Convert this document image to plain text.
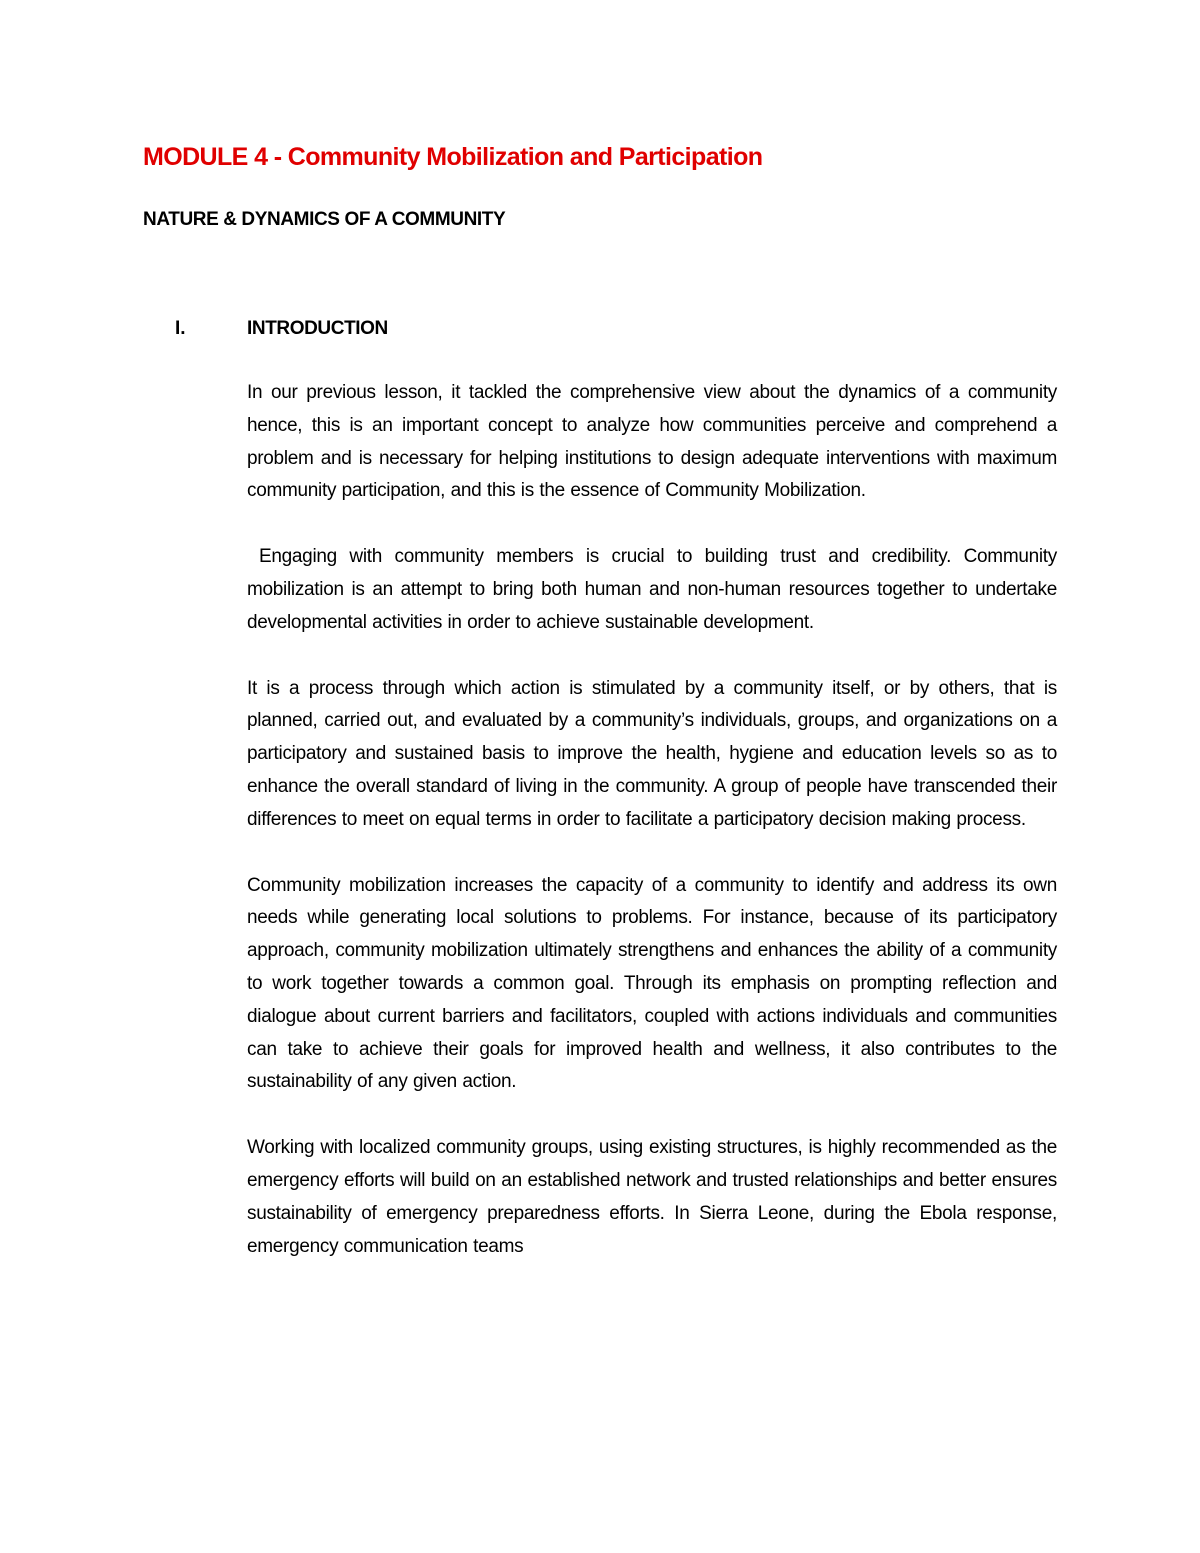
MODULE 4 - Community Mobilization and Participation
NATURE & DYNAMICS OF A COMMUNITY
I.	INTRODUCTION

In our previous lesson, it tackled the comprehensive view about the dynamics of a community hence, this is an important concept to analyze how communities perceive and comprehend a problem and is necessary for helping institutions to design adequate interventions with maximum community participation, and this is the essence of Community Mobilization.

Engaging with community members is crucial to building trust and credibility. Community mobilization is an attempt to bring both human and non-human resources together to undertake developmental activities in order to achieve sustainable development.

It is a process through which action is stimulated by a community itself, or by others, that is planned, carried out, and evaluated by a community’s individuals, groups, and organizations on a participatory and sustained basis to improve the health, hygiene and education levels so as to enhance the overall standard of living in the community. A group of people have transcended their differences to meet on equal terms in order to facilitate a participatory decision making process.

Community mobilization increases the capacity of a community to identify and address its own needs while generating local solutions to problems. For instance, because of its participatory approach, community mobilization ultimately strengthens and enhances the ability of a community to work together towards a common goal. Through its emphasis on prompting reflection and dialogue about current barriers and facilitators, coupled with actions individuals and communities can take to achieve their goals for improved health and wellness, it also contributes to the sustainability of any given action.

Working with localized community groups, using existing structures, is highly recommended as the emergency efforts will build on an established network and trusted relationships and better ensures sustainability of emergency preparedness efforts. In Sierra Leone, during the Ebola response, emergency communication teams
